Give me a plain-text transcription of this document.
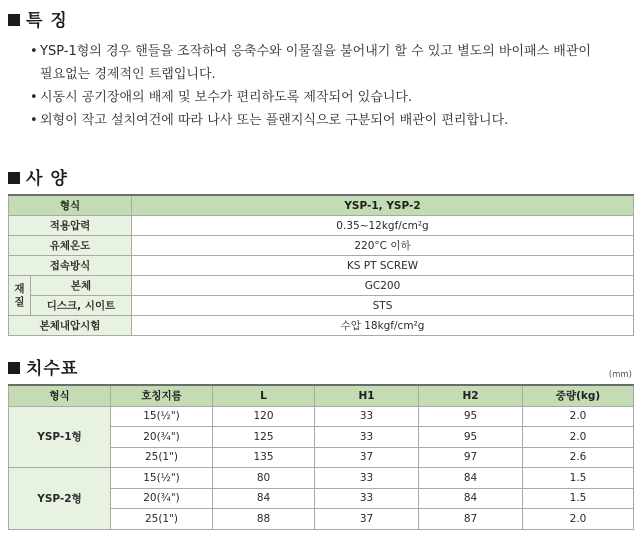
특 징
• YSP-1형의 경우 핸들을 조작하여 응축수와 이물질을 불어내기 할 수 있고 별도의 바이패스 배관이
필요없는 경제적인 트랩입니다.
• 시동시 공기장애의 배제 및 보수가 편리하도록 제작되어 있습니다.
• 외형이 작고 설치여건에 따라 나사 또는 플랜지식으로 구분되어 배관이 편리합니다.
사 양
형식		YSP-1, YSP-2
적용압력		0.35~12kgf/cm²g
유체온도		220°C 이하
접속방식		KS PT SCREW
재질	본체	GC200
	디스크, 시이트	STS
본체내압시험		수압 18kgf/cm²g
치수표	(mm)
형식	호칭지름	L	H1	H2	중량(kg)
YSP-1형	15(½")	120	33	95	2.0
	20(¾")	125	33	95	2.0
	25(1")	135	37	97	2.6
YSP-2형	15(½")	80	33	84	1.5
	20(¾")	84	33	84	1.5
	25(1")	88	37	87	2.0
